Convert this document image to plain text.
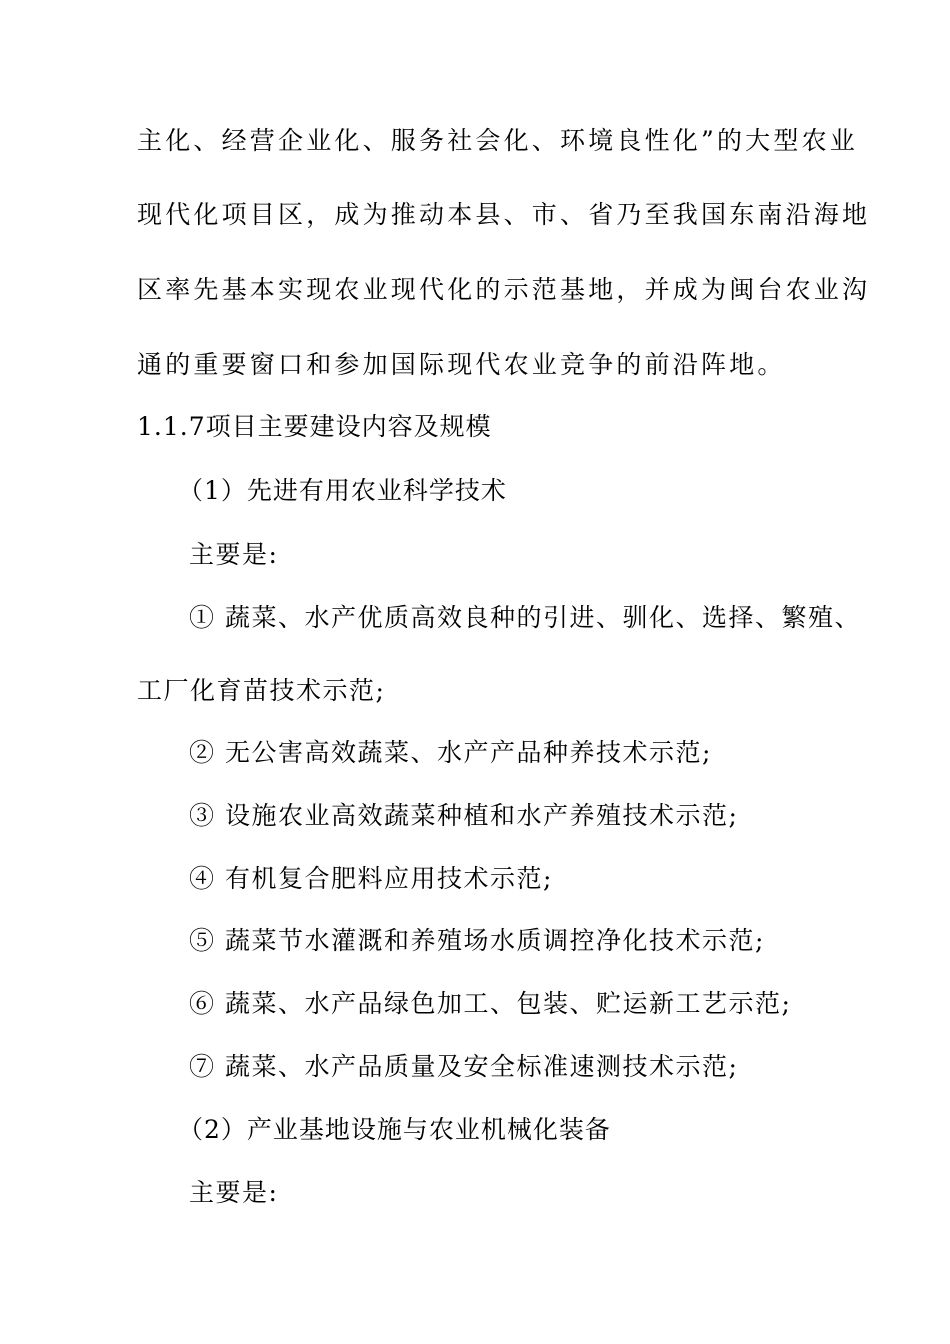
主化、经营企业化、服务社会化、环境良性化”的大型农业
现代化项目区，成为推动本县、市、省乃至我国东南沿海地
区率先基本实现农业现代化的示范基地，并成为闽台农业沟
通的重要窗口和参加国际现代农业竞争的前沿阵地。
1.1.7项目主要建设内容及规模
（1）先进有用农业科学技术
主要是:
① 蔬菜、水产优质高效良种的引进、驯化、选择、繁殖、
工厂化育苗技术示范;
② 无公害高效蔬菜、水产产品种养技术示范;
③ 设施农业高效蔬菜种植和水产养殖技术示范;
④ 有机复合肥料应用技术示范;
⑤ 蔬菜节水灌溉和养殖场水质调控净化技术示范;
⑥ 蔬菜、水产品绿色加工、包装、贮运新工艺示范;
⑦ 蔬菜、水产品质量及安全标准速测技术示范;
（2）产业基地设施与农业机械化装备
主要是:
